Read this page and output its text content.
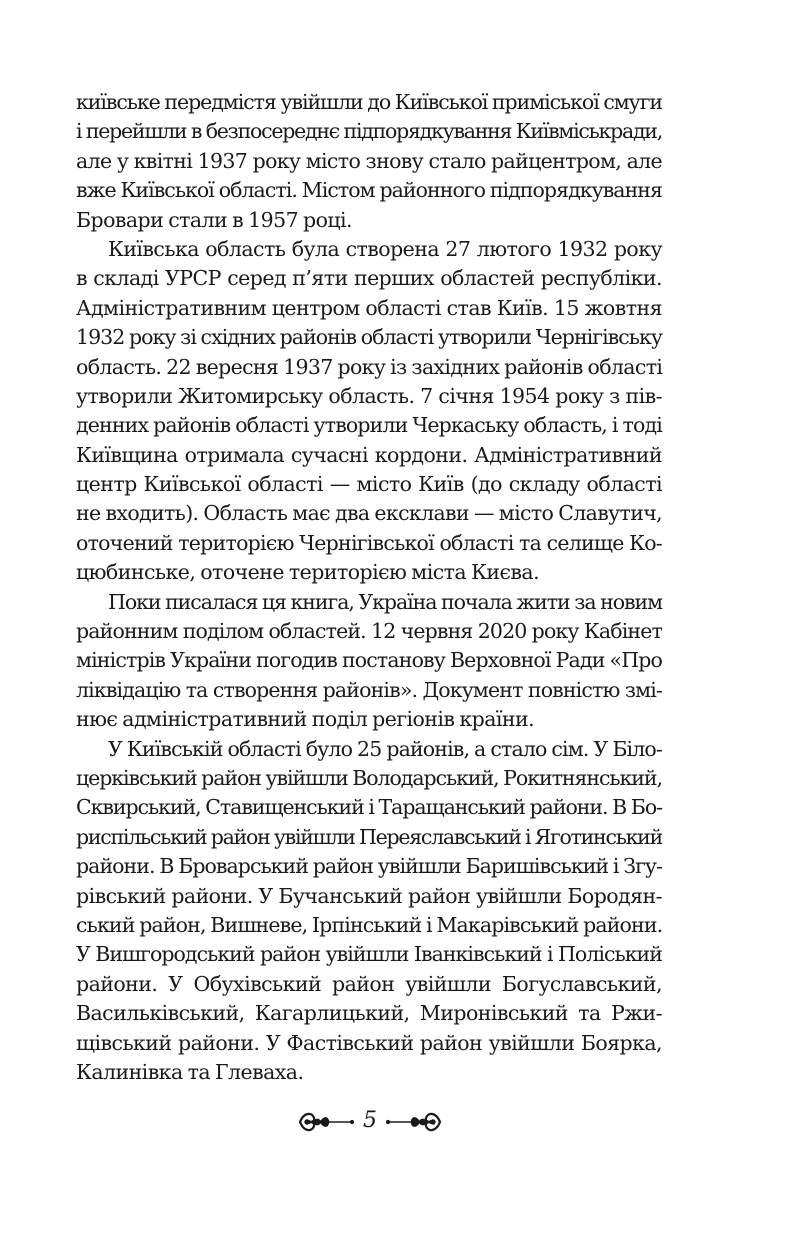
київське передмістя увійшли до Київської приміської смуги
і перейшли в безпосереднє підпорядкування Київміськради,
але у квітні 1937 року місто знову стало райцентром, але
вже Київської області. Містом районного підпорядкування
Бровари стали в 1957 році.
Київська область була створена 27 лютого 1932 року
в складі УРСР серед п’яти перших областей республіки.
Адміністративним центром області став Київ. 15 жовтня
1932 року зі східних районів області утворили Чернігівську
область. 22 вересня 1937 року із західних районів області
утворили Житомирську область. 7 січня 1954 року з пів-
денних районів області утворили Черкаську область, і тоді
Київщина отримала сучасні кордони. Адміністративний
центр Київської області — місто Київ (до складу області
не входить). Область має два ексклави — місто Славутич,
оточений територією Чернігівської області та селище Ко-
цюбинське, оточене територією міста Києва.
Поки писалася ця книга, Україна почала жити за новим
районним поділом областей. 12 червня 2020 року Кабінет
міністрів України погодив постанову Верховної Ради «Про
ліквідацію та створення районів». Документ повністю змі-
нює адміністративний поділ регіонів країни.
У Київській області було 25 районів, а стало сім. У Біло-
церківський район увійшли Володарський, Рокитнянський,
Сквирський, Ставищенський і Таращанський райони. В Бо-
риспільський район увійшли Переяславський і Яготинський
райони. В Броварський район увійшли Баришівський і Згу-
рівський райони. У Бучанський район увійшли Бородян-
ський район, Вишневе, Ірпінський і Макарівський райони.
У Вишгородський район увійшли Іванківський і Поліський
райони. У Обухівський район увійшли Богуславський,
Васильківський, Кагарлицький, Миронівський та Ржи-
щівський райони. У Фастівський район увійшли Боярка,
Калинівка та Глеваха.
5
